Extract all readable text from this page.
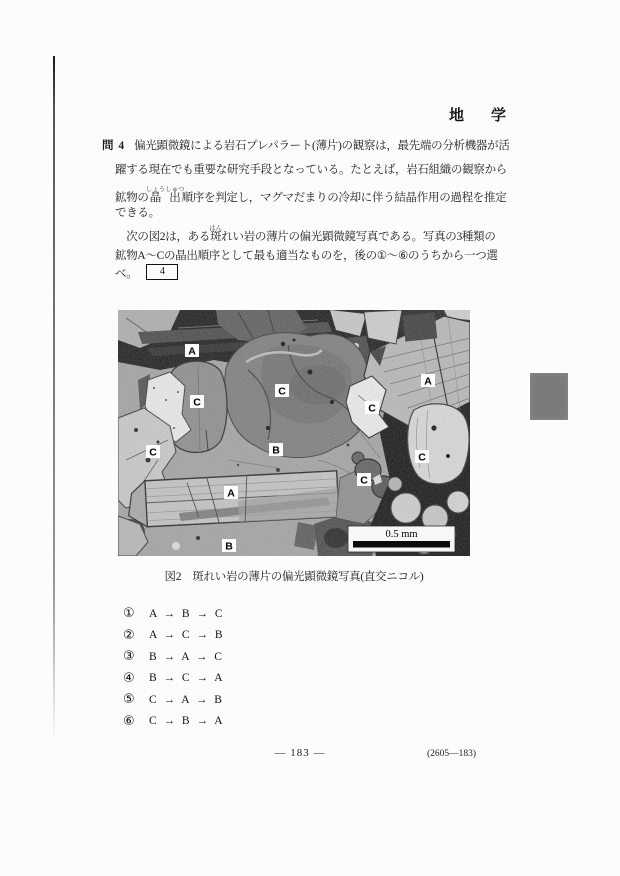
地　学
問 4 偏光顕微鏡による岩石プレパラート(薄片)の観察は，最先端の分析機器が活
躍する現在でも重要な研究手段となっている。たとえば，岩石組織の観察から
鉱物の晶出しょうしゅつ順序を判定し，マグマだまりの冷却に伴う結晶作用の過程を推定
できる。
　次の図2は，ある斑はんれい岩の薄片の偏光顕微鏡写真である。写真の3種類の
鉱物A～Cの晶出順序として最も適当なものを，後の①～⑥のうちから一つ選
べ。 4
A
C
C
C
A
C
B
C
C
A
B
0.5 mm
図2　斑れい岩の薄片の偏光顕微鏡写真(直交ニコル)
①	A → B → C
②	A → C → B
③	B → A → C
④	B → C → A
⑤	C → A → B
⑥	C → B → A
— 183 —	(2605—183)
